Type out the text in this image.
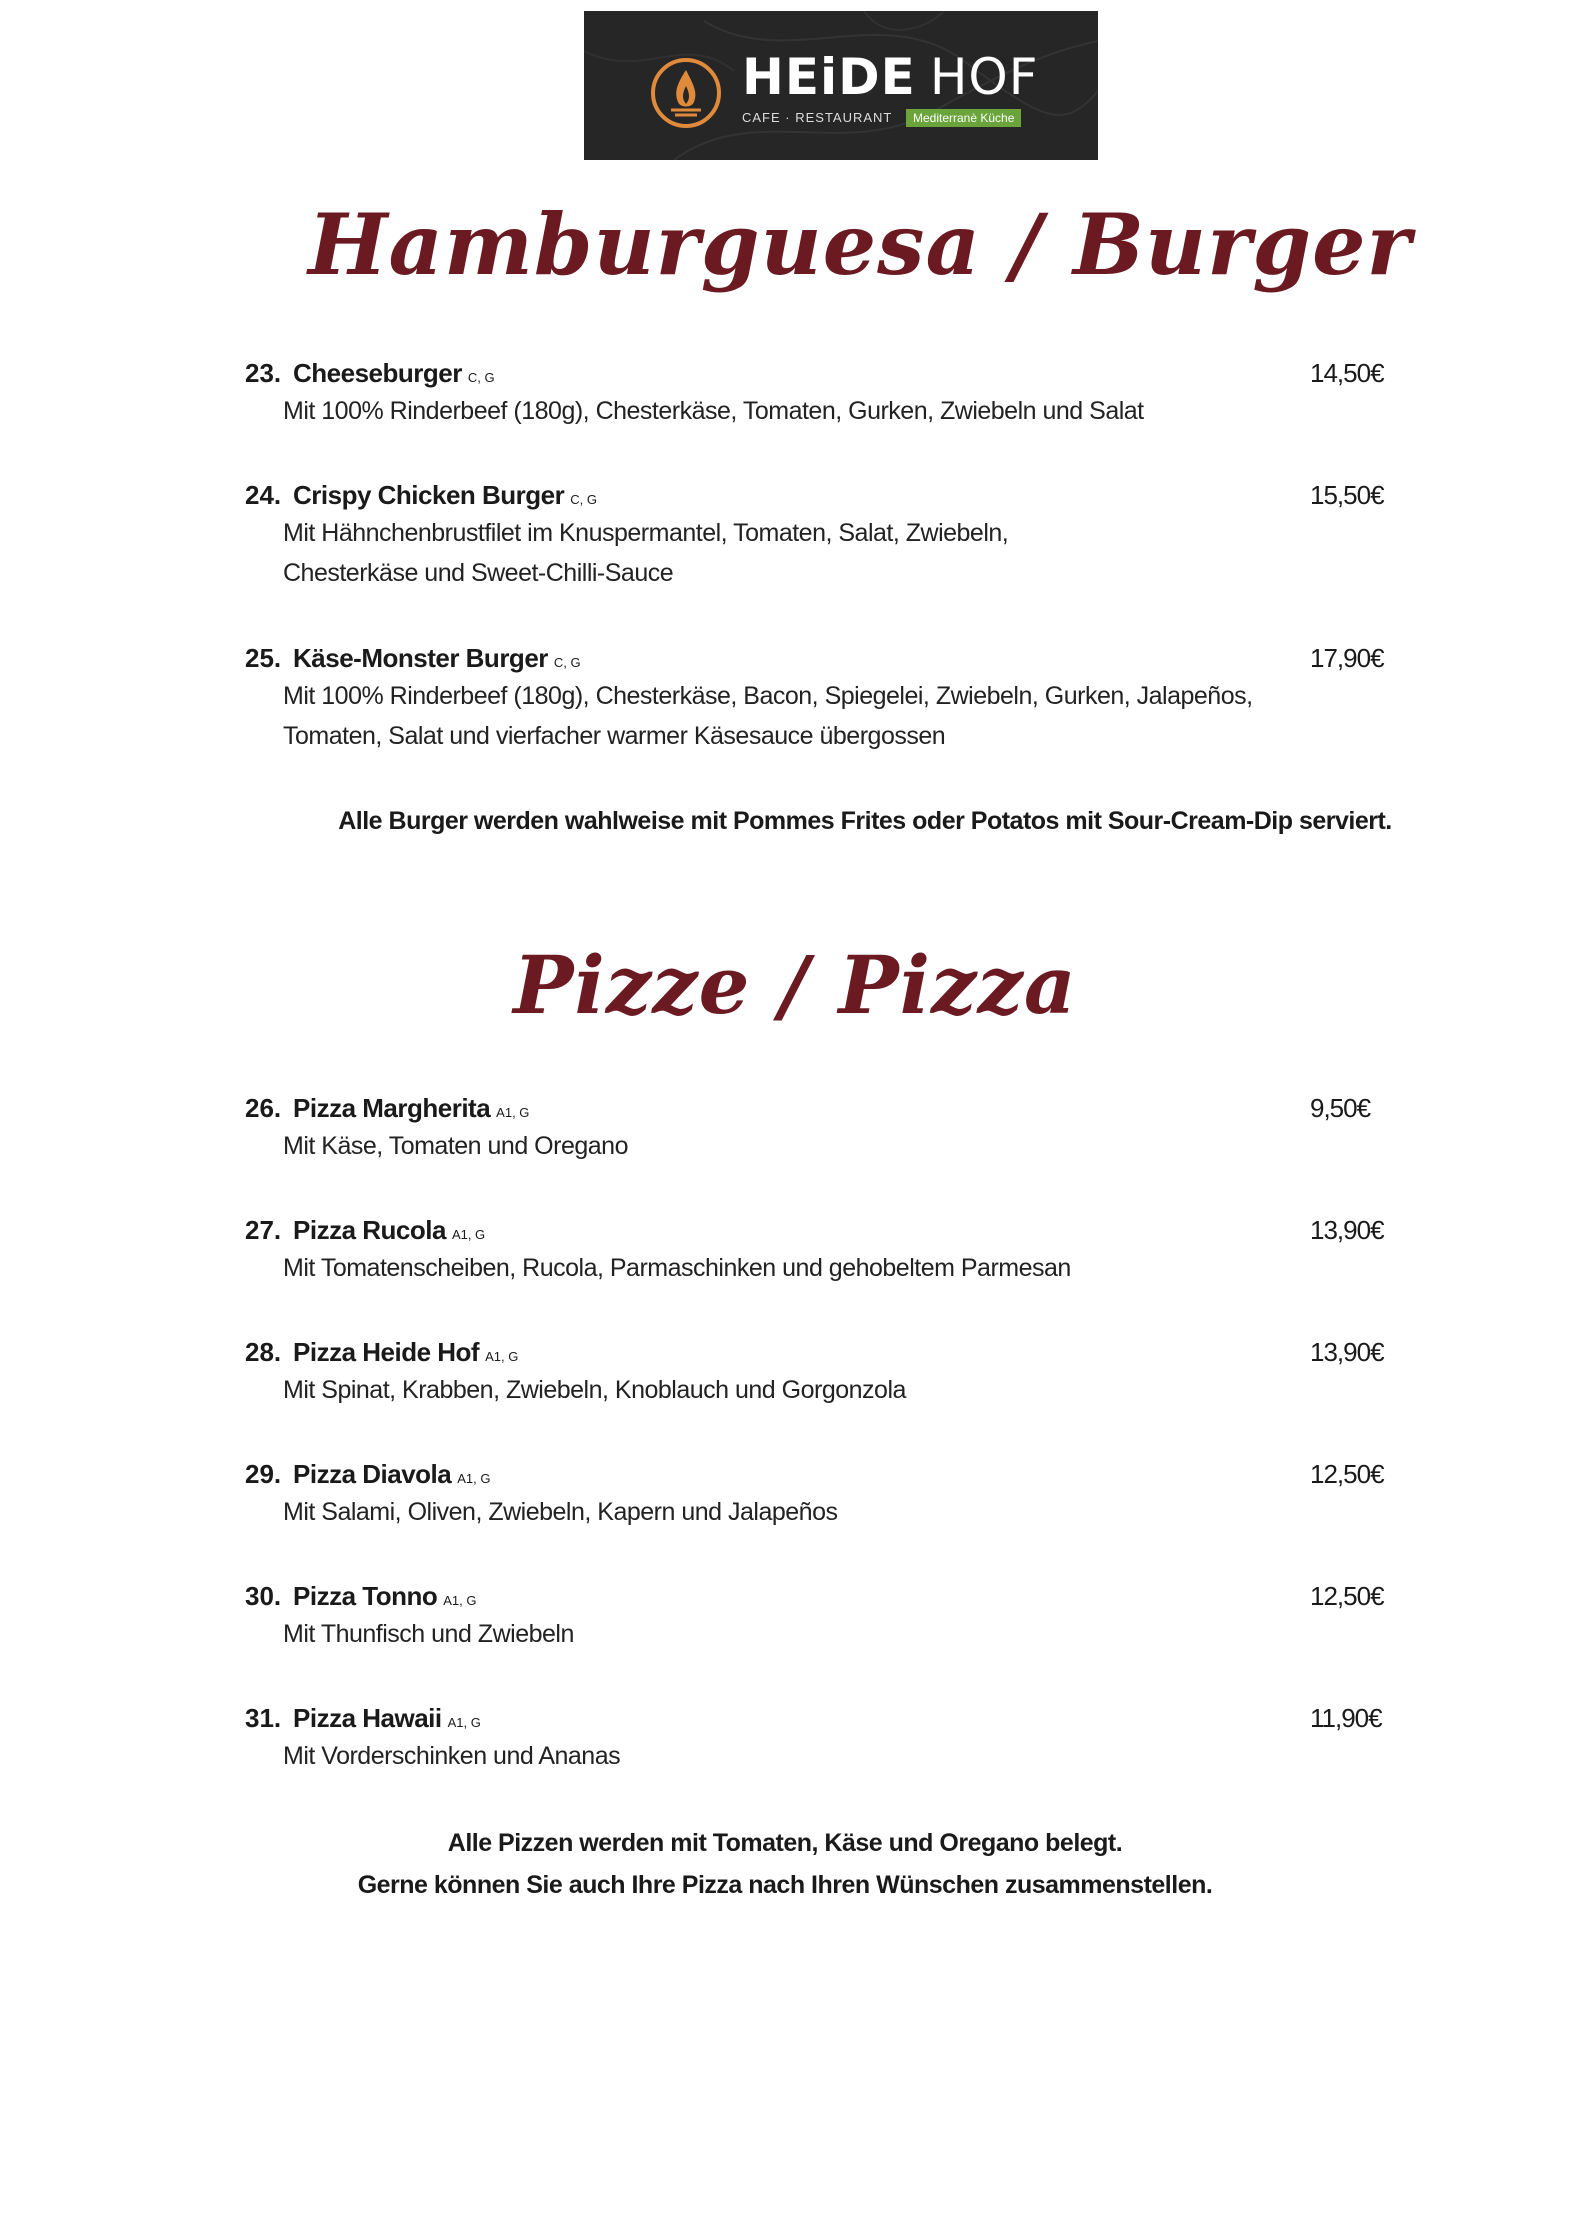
HEiDE HOF
CAFE · RESTAURANT	Mediterranè Küche
Hamburguesa / Burger
23. Cheeseburger C, G	14,50€
Mit 100% Rinderbeef (180g), Chesterkäse, Tomaten, Gurken, Zwiebeln und Salat
24. Crispy Chicken Burger C, G	15,50€
Mit Hähnchenbrustfilet im Knuspermantel, Tomaten, Salat, Zwiebeln,
Chesterkäse und Sweet-Chilli-Sauce
25. Käse-Monster Burger C, G	17,90€
Mit 100% Rinderbeef (180g), Chesterkäse, Bacon, Spiegelei, Zwiebeln, Gurken, Jalapeños,
Tomaten, Salat und vierfacher warmer Käsesauce übergossen
Alle Burger werden wahlweise mit Pommes Frites oder Potatos mit Sour-Cream-Dip serviert.
Pizze / Pizza
26. Pizza Margherita A1, G	9,50€
Mit Käse, Tomaten und Oregano
27. Pizza Rucola A1, G	13,90€
Mit Tomatenscheiben, Rucola, Parmaschinken und gehobeltem Parmesan
28. Pizza Heide Hof A1, G	13,90€
Mit Spinat, Krabben, Zwiebeln, Knoblauch und Gorgonzola
29. Pizza Diavola A1, G	12,50€
Mit Salami, Oliven, Zwiebeln, Kapern und Jalapeños
30. Pizza Tonno A1, G	12,50€
Mit Thunfisch und Zwiebeln
31. Pizza Hawaii A1, G	11,90€
Mit Vorderschinken und Ananas
Alle Pizzen werden mit Tomaten, Käse und Oregano belegt.
Gerne können Sie auch Ihre Pizza nach Ihren Wünschen zusammenstellen.
